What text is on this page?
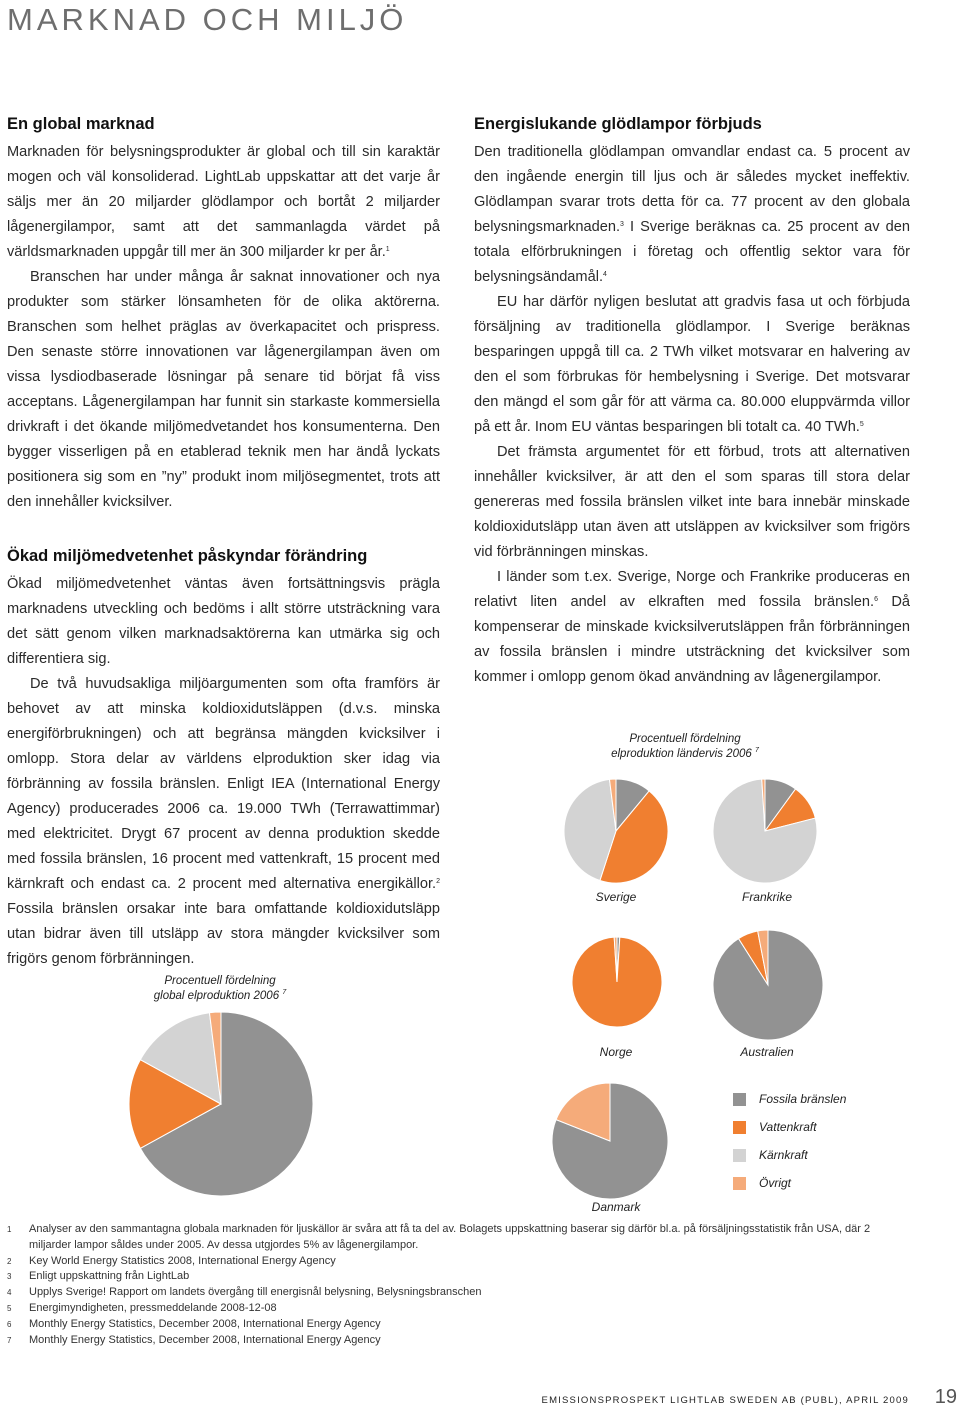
MARKNAD OCH MILJÖ
En global marknad

Marknaden för belysningsprodukter är global och till sin karaktär mogen och väl konsoliderad. LightLab uppskattar att det varje år säljs mer än 20 miljarder glödlampor och bortåt 2 miljarder lågenergilampor, samt att det sammanlagda värdet på världsmarknaden uppgår till mer än 300 miljarder kr per år.$^1$

Branschen har under många år saknat innovationer och nya produkter som stärker lönsamheten för de olika aktörerna. Branschen som helhet präglas av överkapacitet och prispress. Den senaste större innovationen var lågenergilampan även om vissa lysdiodbaserade lösningar på senare tid börjat få viss acceptans. Lågenergilampan har funnit sin starkaste kommersiella drivkraft i det ökande miljömedvetandet hos konsumenterna. Den bygger visserligen på en etablerad teknik men har ändå lyckats positionera sig som en ”ny” produkt inom miljösegmentet, trots att den innehåller kvicksilver.

Ökad miljömedvetenhet påskyndar förändring

Ökad miljömedvetenhet väntas även fortsättningsvis prägla marknadens utveckling och bedöms i allt större utsträckning vara det sätt genom vilken marknadsaktörerna kan utmärka sig och differentiera sig.

De två huvudsakliga miljöargumenten som ofta framförs är behovet av att minska koldioxidutsläppen (d.v.s. minska energiförbrukningen) och att begränsa mängden kvicksilver i omlopp. Stora delar av världens elproduktion sker idag via förbränning av fossila bränslen. Enligt IEA (International Energy Agency) producerades 2006 ca. 19.000 TWh (Terrawattimmar) med elektricitet. Drygt 67 procent av denna produktion skedde med fossila bränslen, 16 procent med vattenkraft, 15 procent med kärnkraft och endast ca. 2 procent med alternativa energikällor.$^2$ Fossila bränslen orsakar inte bara omfattande koldioxidutsläpp utan bidrar även till utsläpp av stora mängder kvicksilver som frigörs genom förbränningen.

Energislukande glödlampor förbjuds

Den traditionella glödlampan omvandlar endast ca. 5 procent av den ingående energin till ljus och är således mycket ineffektiv. Glödlampan svarar trots detta för ca. 77 procent av den globala belysningsmarknaden.$^3$ I Sverige beräknas ca. 25 procent av den totala elförbrukningen i företag och offentlig sektor vara för belysningsändamål.$^4$

EU har därför nyligen beslutat att gradvis fasa ut och förbjuda försäljning av traditionella glödlampor. I Sverige beräknas besparingen uppgå till ca. 2 TWh vilket motsvarar en halvering av den el som förbrukas för hembelysning i Sverige. Det motsvarar den mängd el som går för att värma ca. 80.000 eluppvärmda villor på ett år. Inom EU väntas besparingen bli totalt ca. 40 TWh.$^5$

Det främsta argumentet för ett förbud, trots att alternativen innehåller kvicksilver, är att den el som sparas till stora delar genereras med fossila bränslen vilket inte bara innebär minskade koldioxidutsläpp utan även att utsläppen av kvicksilver som frigörs vid förbränningen minskas.

I länder som t.ex. Sverige, Norge och Frankrike produceras en relativt liten andel av elkraften med fossila bränslen.$^6$ Då kompenserar de minskade kvicksilverutsläppen från förbränningen av fossila bränslen i mindre utsträckning det kvicksilver som kommer i omlopp genom ökad användning av lågenergilampor.

Procentuell fördelning
global elproduktion 2006 $^7$
Procentuell fördelning
elproduktion ländervis 2006 $^7$
Sverige	Frankrike
Norge	Australien
Danmark
Fossila bränslen
Vattenkraft
Kärnkraft
Övrigt
1 Analyser av den sammantagna globala marknaden för ljuskällor är svåra att få ta del av. Bolagets uppskattning baserar sig därför bl.a. på försäljningsstatistik från USA, där 2 miljarder lampor såldes under 2005. Av dessa utgjordes 5% av lågenergilampor.
2 Key World Energy Statistics 2008, International Energy Agency
3 Enligt uppskattning från LightLab
4 Upplys Sverige! Rapport om landets övergång till energisnål belysning, Belysningsbranschen
5 Energimyndigheten, pressmeddelande 2008-12-08
6 Monthly Energy Statistics, December 2008, International Energy Agency
7 Monthly Energy Statistics, December 2008, International Energy Agency
EMISSIONSPROSPEKT LIGHTLAB SWEDEN AB (PUBL), APRIL 2009 19
